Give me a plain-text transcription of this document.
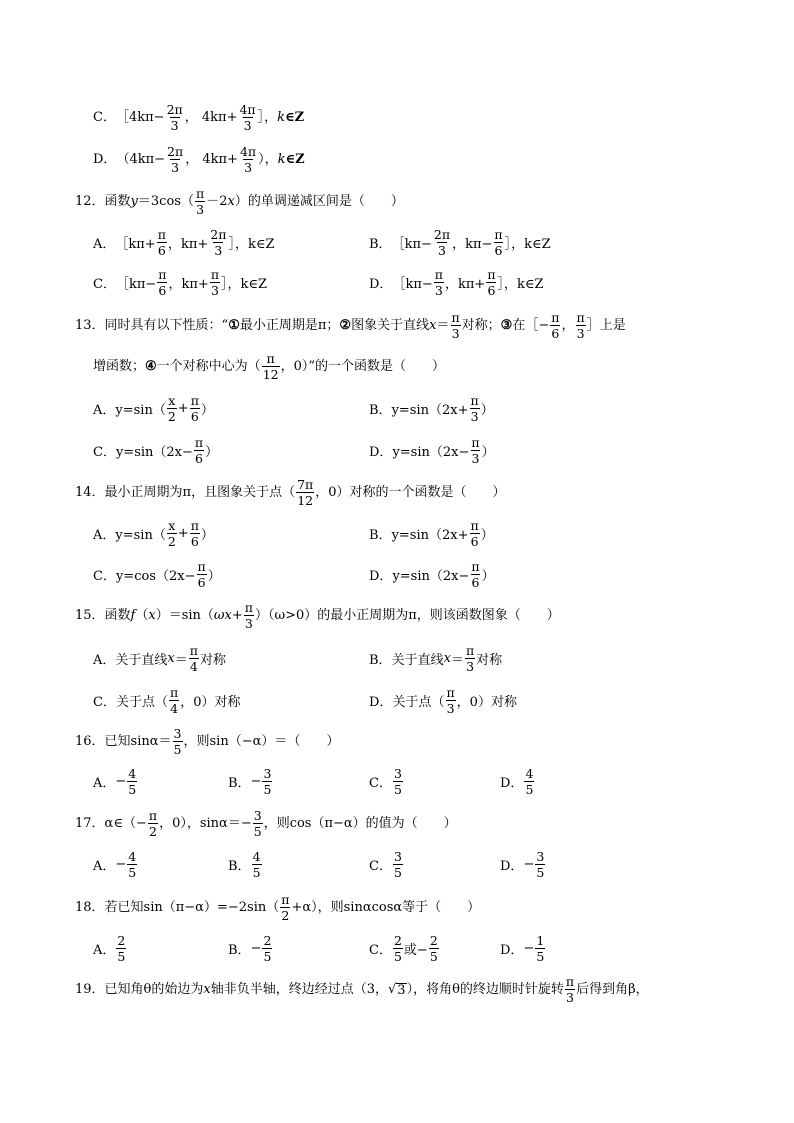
C． ［4k $\pi - \frac{2\pi}{3}$ ， 4k $\pi + \frac{4\pi}{3}$ ］， k ∈Z
D． （4k $\pi - \frac{2\pi}{3}$ ， 4k $\pi + \frac{4\pi}{3}$ ）， k ∈Z
12．函数 y ＝3cos（
π
3
－2 x ）的单调递减区间是（　　）
A． ［kπ+ $\frac{\pi}{6}$ ，$k\pi+ \frac{2\pi}{3}$ ］，k∈Z	B． ［kπ− $\frac{2\pi}{3}$ ，$k\pi- \frac{\pi}{6}$ ］，k∈Z
C． ［kπ− $\frac{\pi}{6}$ ，$k\pi+ \frac{\pi}{3}$ ］，k∈Z	D． ［kπ− $\frac{\pi}{3}$ ，$k\pi+ \frac{\pi}{6}$ ］，k∈Z
13．同时具有以下性质：“ ① 最小正周期是π； ② 图象关于直线 x ＝
π
3
对称； ③ 在［− $\frac{\pi}{6}$ ，
π
3
］上是
增函数； ④ 一个对称中心为（
π
12
，0）”的一个函数是（　　）
A． y=sin（
x
2
+ $\frac{\pi}{6}$ ）	B． $y=\sin(2x+ \frac{\pi}{3}$ ）
C． $y=\sin(2x- \frac{\pi}{6}$ ）	D． $y=\sin(2x- \frac{\pi}{3}$ ）
14．最小正周期为π，且图象关于点（
7π
12
，0）对称的一个函数是（　　）
A． y=sin（
x
2
+ $\frac{\pi}{6}$ ）	B． $y=\sin(2x+ \frac{\pi}{6}$ ）
C． $y=\cos(2x- \frac{\pi}{6}$ ）	D． $y=\sin(2x- \frac{\pi}{6}$ ）
15．函数 f （ x ）＝sin（ $\omega x + \frac{\pi}{3} )(\omega>0)$的最小正周期为π，则该函数图象（　　）
A． 关于直线 x ＝
π
4 对称	B． 关于直线 x ＝
π
3 对称
C． 关于点（
π
4 ，0）对称	D． 关于点（
π
3 ，0）对称
16．已知 sinα ＝
3
5
，则sin（−α）＝（　　）
A． − $\frac{4}{5}$	B． − $\frac{3}{5}$	C．
3
5	D．
4
5
17． α∈（− $\frac{\pi}{2}$ ，0）， $\sin\alpha =- \frac{3}{5}$ ，则cos（π−α）的值为（　　）
A． − $\frac{4}{5}$	B．
4
5	C．
3
5	D． − $\frac{3}{5}$
18．若已知 sin（π−α）=−2sin（
π
2
+α），则sinαcosα等于（　　）
A．
2
5	B． − $\frac{2}{5}$	C．
2
5 或− $\frac{2}{5}$	D． − $\frac{1}{5}$
19．已知角θ的始边为 x 轴非负半轴，终边经过点（3， √ 3 ），将角θ的终边顺时针旋转
π
3
后得到角β，
